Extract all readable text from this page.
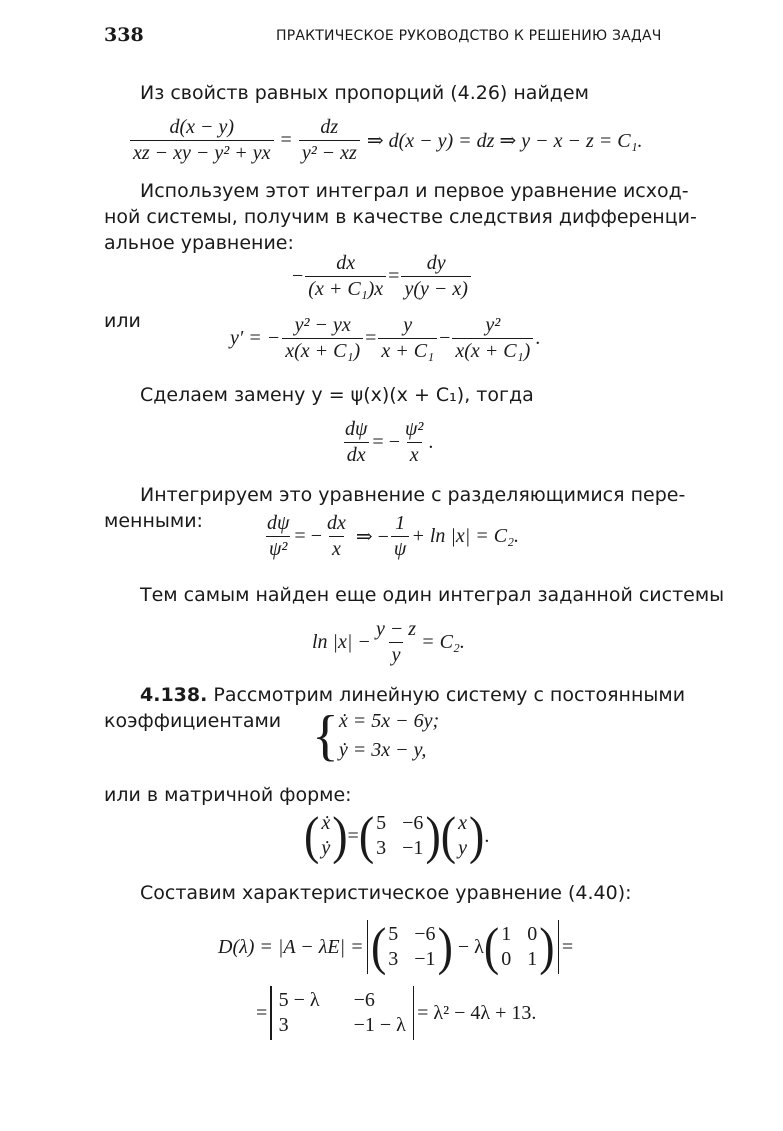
338	ПРАКТИЧЕСКОЕ РУКОВОДСТВО К РЕШЕНИЮ ЗАДАЧ
Из свойств равных пропорций (4.26) найдем
$\frac{d(x - y)}{\text{xz − xy − y² + yx}} = \frac{dz}{\text{y² − xz}}$
⇒ d(x − y) = dz ⇒ y − x − z = C₁.
Используем этот интеграл и первое уравнение исход-
ной системы, получим в качестве следствия дифференци-
альное уравнение:
− $\frac{dx}{\text{(x + C₁)x}} = \frac{dy}{y(y - x)}$
или
y′ = − $\frac{\text{y² − yx}}{\text{x(x + C₁)}} = \frac{y}{\text{x + C₁}} - \frac{\text{y²}}{\text{x(x + C₁)}}$ .
Сделаем замену y = ψ(x)(x + C₁), тогда
$\frac{d\psi}{dx}$ = − $\frac{\text{ψ²}}{x}$ .
Интегрируем это уравнение с разделяющимися пере-
менными:	$\frac{d\psi}{\text{ψ²}}$ = − $\frac{dx}{x}$ ⇒ − $\frac{1}{\psi} + \ln |x| = C_2$.
Тем самым найден еще один интеграл заданной системы
$\ln |x| - \frac{y - z}{y} = C_2$.
4.138. Рассмотрим линейную систему с постоянными
коэффициентами { ẋ = 5x − 6y;
ẏ = 3x − y,
или в матричной форме:
( ẋ
ẏ ) = ( 5 −6
3 −1 ) ( x
y ) .
Составим характеристическое уравнение (4.40):
D(λ) = |A − λE| = ( 5 −6
3 −1 ) − λ ( 1 0
0 1 ) =
=
5 − λ −6
3	−1 − λ
= λ² − 4λ + 13.
